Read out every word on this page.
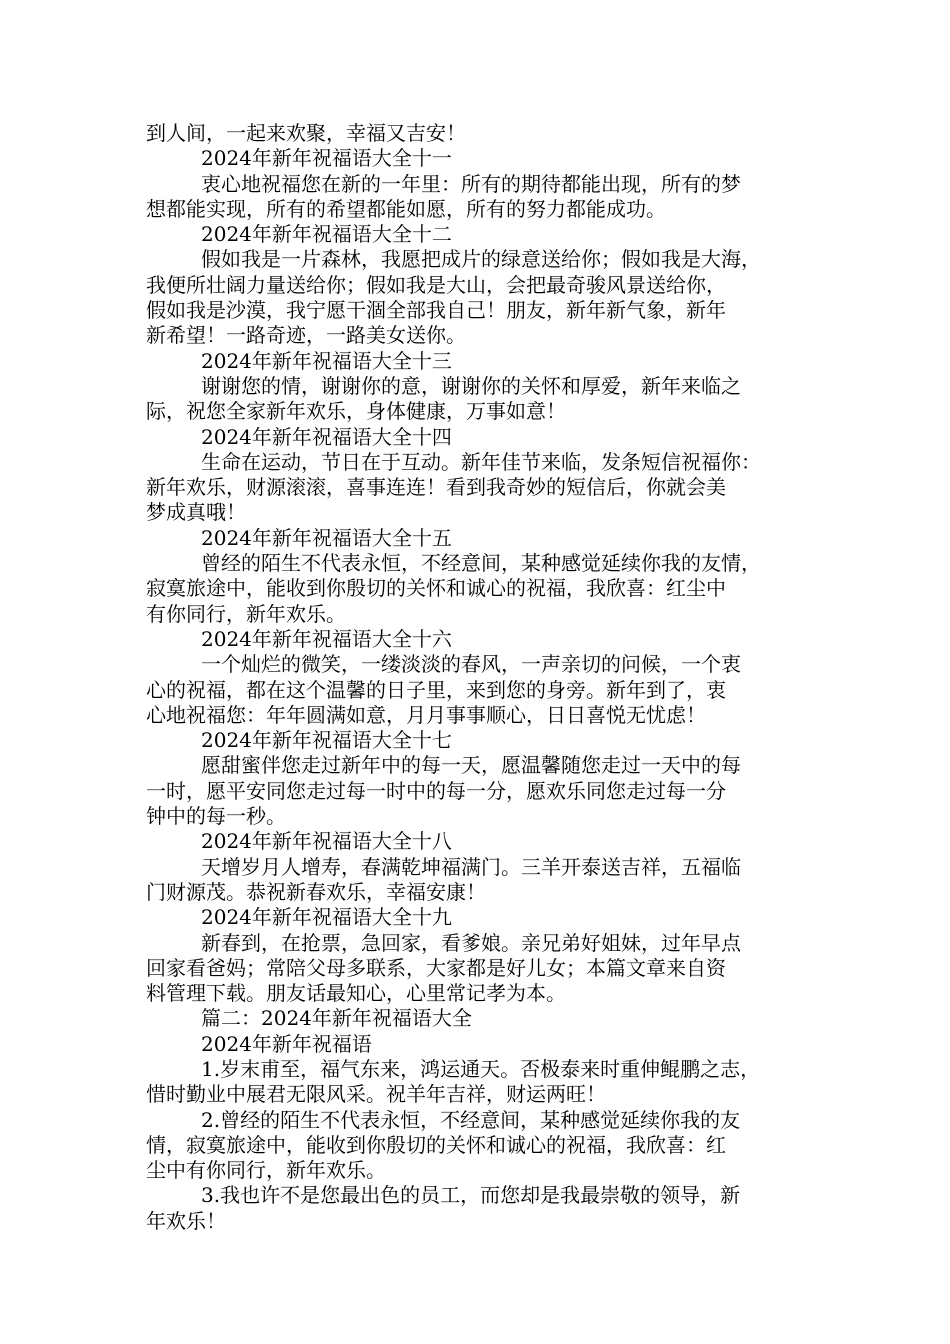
到人间，一起来欢聚，幸福又吉安！
2024年新年祝福语大全十一
衷心地祝福您在新的一年里：所有的期待都能出现，所有的梦
想都能实现，所有的希望都能如愿，所有的努力都能成功。
2024年新年祝福语大全十二
假如我是一片森林，我愿把成片的绿意送给你；假如我是大海，
我便所壮阔力量送给你；假如我是大山，会把最奇骏风景送给你，
假如我是沙漠，我宁愿干涸全部我自己！朋友，新年新气象，新年
新希望！一路奇迹，一路美女送你。
2024年新年祝福语大全十三
谢谢您的情，谢谢你的意，谢谢你的关怀和厚爱，新年来临之
际，祝您全家新年欢乐，身体健康，万事如意！
2024年新年祝福语大全十四
生命在运动，节日在于互动。新年佳节来临，发条短信祝福你：
新年欢乐，财源滚滚，喜事连连！看到我奇妙的短信后，你就会美
梦成真哦！
2024年新年祝福语大全十五
曾经的陌生不代表永恒，不经意间，某种感觉延续你我的友情，
寂寞旅途中，能收到你殷切的关怀和诚心的祝福，我欣喜：红尘中
有你同行，新年欢乐。
2024年新年祝福语大全十六
一个灿烂的微笑，一缕淡淡的春风，一声亲切的问候，一个衷
心的祝福，都在这个温馨的日子里，来到您的身旁。新年到了，衷
心地祝福您：年年圆满如意，月月事事顺心，日日喜悦无忧虑！
2024年新年祝福语大全十七
愿甜蜜伴您走过新年中的每一天，愿温馨随您走过一天中的每
一时，愿平安同您走过每一时中的每一分，愿欢乐同您走过每一分
钟中的每一秒。
2024年新年祝福语大全十八
天增岁月人增寿，春满乾坤福满门。三羊开泰送吉祥，五福临
门财源茂。恭祝新春欢乐，幸福安康！
2024年新年祝福语大全十九
新春到，在抢票，急回家，看爹娘。亲兄弟好姐妹，过年早点
回家看爸妈；常陪父母多联系，大家都是好儿女；本篇文章来自资
料管理下载。朋友话最知心，心里常记孝为本。
篇二：2024年新年祝福语大全
2024年新年祝福语
1.岁末甫至，福气东来，鸿运通天。否极泰来时重伸鲲鹏之志，
惜时勤业中展君无限风采。祝羊年吉祥，财运两旺！
2.曾经的陌生不代表永恒，不经意间，某种感觉延续你我的友
情，寂寞旅途中，能收到你殷切的关怀和诚心的祝福，我欣喜：红
尘中有你同行，新年欢乐。
3.我也许不是您最出色的员工，而您却是我最崇敬的领导，新
年欢乐！
